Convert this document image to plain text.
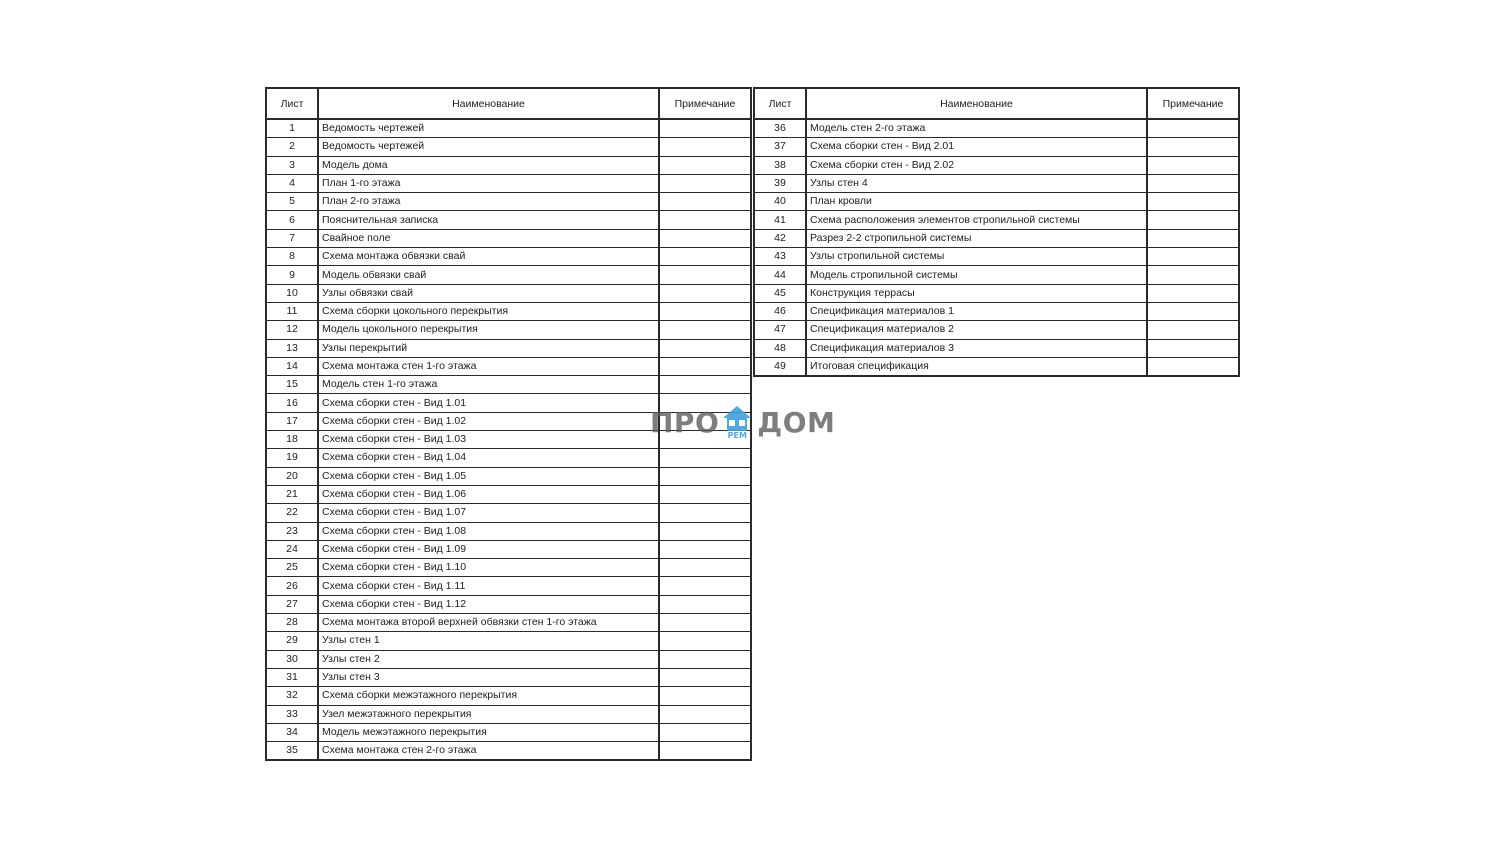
Лист	Наименование	Примечание
1	Ведомость чертежей	
2	Ведомость чертежей	
3	Модель дома	
4	План 1-го этажа	
5	План 2-го этажа	
6	Пояснительная записка	
7	Свайное поле	
8	Схема монтажа обвязки свай	
9	Модель обвязки свай	
10	Узлы обвязки свай	
11	Схема сборки цокольного перекрытия	
12	Модель цокольного перекрытия	
13	Узлы перекрытий	
14	Схема монтажа стен 1-го этажа	
15	Модель стен 1-го этажа	
16	Схема сборки стен - Вид 1.01	
17	Схема сборки стен - Вид 1.02	
18	Схема сборки стен - Вид 1.03	
19	Схема сборки стен - Вид 1.04	
20	Схема сборки стен - Вид 1.05	
21	Схема сборки стен - Вид 1.06	
22	Схема сборки стен - Вид 1.07	
23	Схема сборки стен - Вид 1.08	
24	Схема сборки стен - Вид 1.09	
25	Схема сборки стен - Вид 1.10	
26	Схема сборки стен - Вид 1.11	
27	Схема сборки стен - Вид 1.12	
28	Схема монтажа второй верхней обвязки стен 1-го этажа	
29	Узлы стен 1	
30	Узлы стен 2	
31	Узлы стен 3	
32	Схема сборки межэтажного перекрытия	
33	Узел межэтажного перекрытия	
34	Модель межэтажного перекрытия	
35	Схема монтажа стен 2-го этажа	
Лист	Наименование	Примечание
36	Модель стен 2-го этажа	
37	Схема сборки стен - Вид 2.01	
38	Схема сборки стен - Вид 2.02	
39	Узлы стен 4	
40	План кровли	
41	Схема расположения элементов стропильной системы	
42	Разрез 2-2 стропильной системы	
43	Узлы стропильной системы	
44	Модель стропильной системы	
45	Конструкция террасы	
46	Спецификация материалов 1	
47	Спецификация материалов 2	
48	Спецификация материалов 3	
49	Итоговая спецификация	
ПРО	РЕМ ДОМ
